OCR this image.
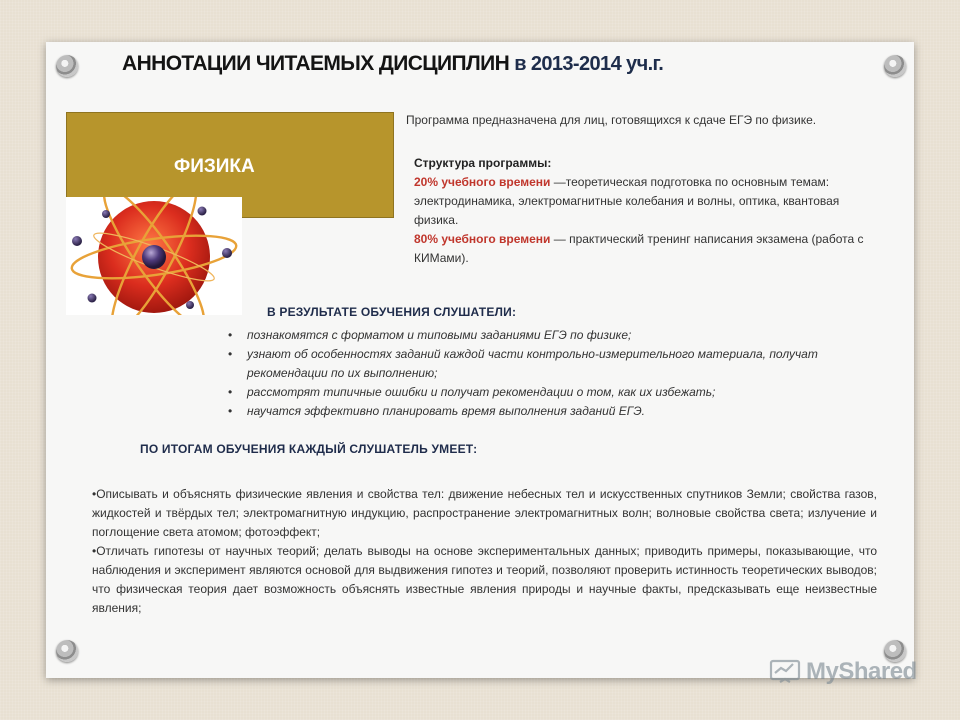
АННОТАЦИИ ЧИТАЕМЫХ ДИСЦИПЛИН в 2013-2014 уч.г.
ФИЗИКА
Программа предназначена для лиц, готовящихся к сдаче ЕГЭ по физике.
Структура программы:
20% учебного времени —теоретическая подготовка по основным темам: электродинамика, электромагнитные колебания и волны, оптика, квантовая физика.
80% учебного времени — практический тренинг написания экзамена (работа с КИМами).
В РЕЗУЛЬТАТЕ ОБУЧЕНИЯ СЛУШАТЕЛИ:
• познакомятся с форматом и типовыми заданиями ЕГЭ по физике;
• узнают об особенностях заданий каждой части контрольно-измерительного материала, получат рекомендации по их выполнению;
• рассмотрят типичные ошибки и получат рекомендации о том, как их избежать;
• научатся эффективно планировать время выполнения заданий ЕГЭ.
ПО ИТОГАМ ОБУЧЕНИЯ КАЖДЫЙ СЛУШАТЕЛЬ УМЕЕТ:

•Описывать и объяснять физические явления и свойства тел: движение небесных тел и искусственных спутников Земли; свойства газов, жидкостей и твёрдых тел; электромагнитную индукцию, распространение электромагнитных волн; волновые свойства света; излучение и поглощение света атомом; фотоэффект;

•Отличать гипотезы от научных теорий; делать выводы на основе экспериментальных данных; приводить примеры, показывающие, что наблюдения и эксперимент являются основой для выдвижения гипотез и теорий, позволяют проверить истинность теоретических выводов; что физическая теория дает возможность объяснять известные явления природы и научные факты, предсказывать еще неизвестные явления;

MyShared
